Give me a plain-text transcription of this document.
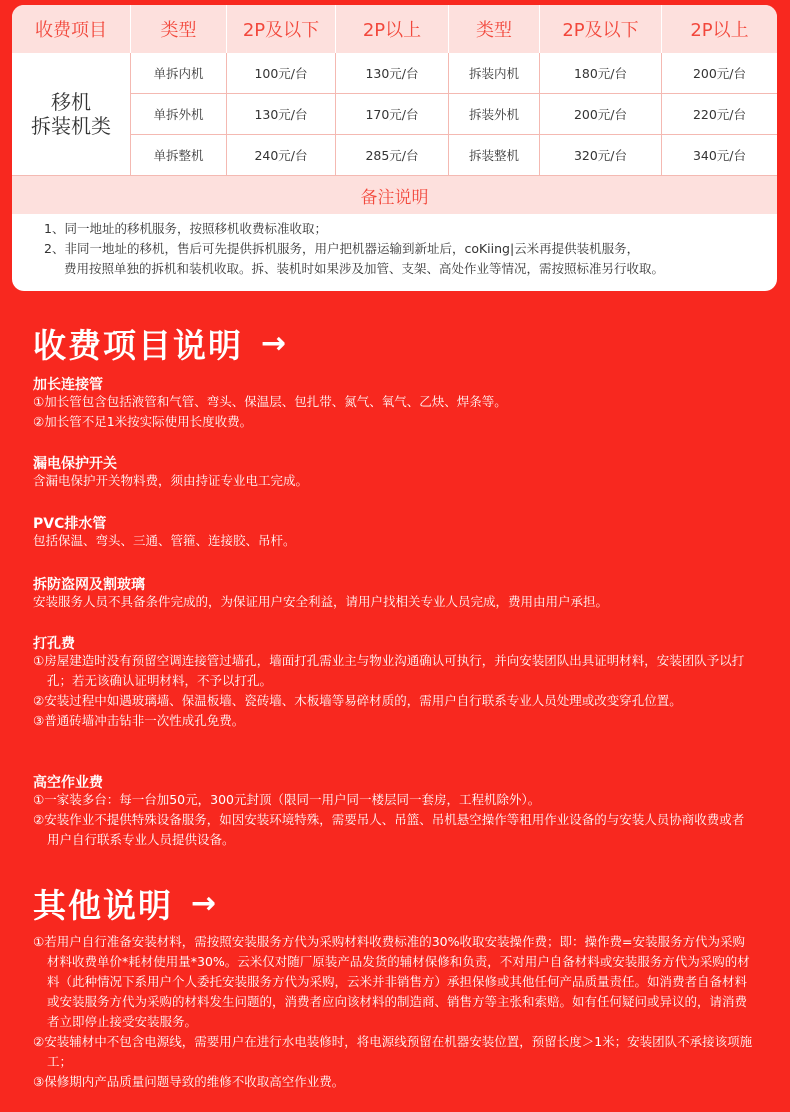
收费项目	类型	2P及以下	2P以上	类型	2P及以下	2P以上
移机
拆装机类
单拆内机	100元/台	130元/台	拆装内机	180元/台	200元/台
单拆外机	130元/台	170元/台	拆装外机	200元/台	220元/台
单拆整机	240元/台	285元/台	拆装整机	320元/台	340元/台
备注说明
1、同一地址的移机服务，按照移机收费标准收取；
2、非同一地址的移机，售后可先提供拆机服务，用户把机器运输到新址后，coKiing|云米再提供装机服务，
费用按照单独的拆机和装机收取。拆、装机时如果涉及加管、支架、高处作业等情况，需按照标准另行收取。
收费项目说明 →
加长连接管
①加长管包含包括液管和气管、弯头、保温层、包扎带、氮气、氧气、乙炔、焊条等。
②加长管不足1米按实际使用长度收费。
漏电保护开关
含漏电保护开关物料费，须由持证专业电工完成。
PVC排水管
包括保温、弯头、三通、管箍、连接胶、吊杆。
拆防盗网及割玻璃
安装服务人员不具备条件完成的，为保证用户安全利益，请用户找相关专业人员完成，费用由用户承担。
打孔费
①房屋建造时没有预留空调连接管过墙孔，墙面打孔需业主与物业沟通确认可执行，并向安装团队出具证明材料，安装团队予以打孔；若无该确认证明材料，不予以打孔。
②安装过程中如遇玻璃墙、保温板墙、瓷砖墙、木板墙等易碎材质的，需用户自行联系专业人员处理或改变穿孔位置。
③普通砖墙冲击钻非一次性成孔免费。
高空作业费
①一家装多台：每一台加50元，300元封顶（限同一用户同一楼层同一套房，工程机除外）。
②安装作业不提供特殊设备服务，如因安装环境特殊，需要吊人、吊篮、吊机悬空操作等租用作业设备的与安装人员协商收费或者用户自行联系专业人员提供设备。
其他说明 →
①若用户自行准备安装材料，需按照安装服务方代为采购材料收费标准的30%收取安装操作费；即：操作费=安装服务方代为采购材料收费单价*耗材使用量*30%。云米仅对随厂原装产品发货的辅材保修和负责，不对用户自备材料或安装服务方代为采购的材料（此种情况下系用户个人委托安装服务方代为采购，云米并非销售方）承担保修或其他任何产品质量责任。如消费者自备材料或安装服务方代为采购的材料发生问题的，消费者应向该材料的制造商、销售方等主张和索赔。如有任何疑问或异议的，请消费者立即停止接受安装服务。
②安装辅材中不包含电源线，需要用户在进行水电装修时，将电源线预留在机器安装位置，预留长度＞1米；安装团队不承接该项施工；
③保修期内产品质量问题导致的维修不收取高空作业费。
